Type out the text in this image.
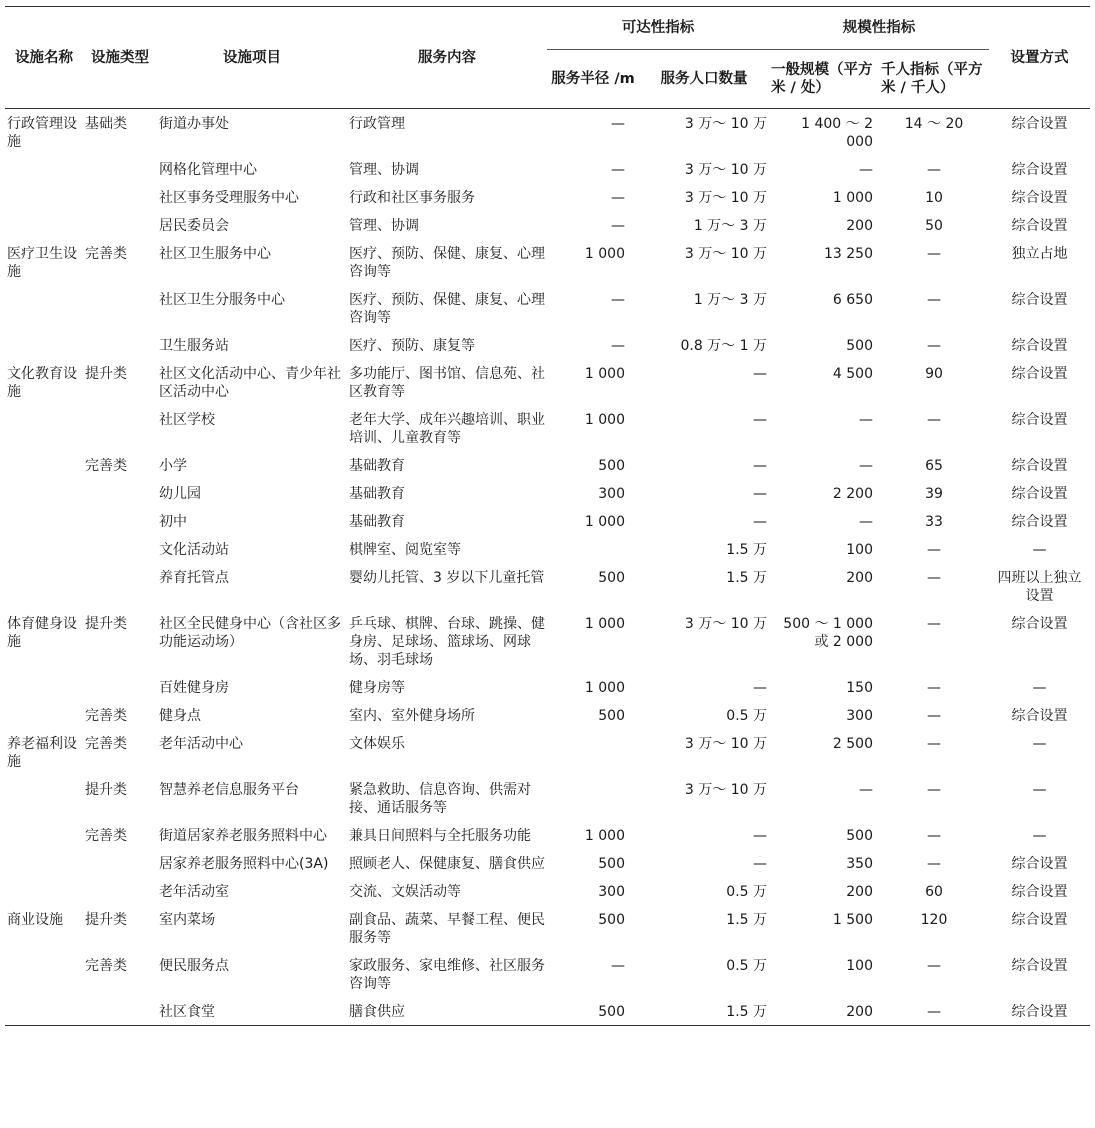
设施名称	设施类型	设施项目	服务内容	可达性指标		规模性指标		设置方式
				服务半径 /m	服务人口数量	一般规模（平方米 / 处）	千人指标（平方米 / 千人）	
行政管理设施	基础类	街道办事处	行政管理	—	3 万～ 10 万	1 400 ～ 2 000	14 ～ 20	综合设置
		网格化管理中心	管理、协调	—	3 万～ 10 万	—	—	综合设置
		社区事务受理服务中心	行政和社区事务服务	—	3 万～ 10 万	1 000	10	综合设置
		居民委员会	管理、协调	—	1 万～ 3 万	200	50	综合设置
医疗卫生设施	完善类	社区卫生服务中心	医疗、预防、保健、康复、心理咨询等	1 000	3 万～ 10 万	13 250	—	独立占地
		社区卫生分服务中心	医疗、预防、保健、康复、心理咨询等	—	1 万～ 3 万	6 650	—	综合设置
		卫生服务站	医疗、预防、康复等	—	0.8 万～ 1 万	500	—	综合设置
文化教育设施	提升类	社区文化活动中心、青少年社区活动中心	多功能厅、图书馆、信息苑、社区教育等	1 000	—	4 500	90	综合设置
		社区学校	老年大学、成年兴趣培训、职业培训、儿童教育等	1 000	—	—	—	综合设置
	完善类	小学	基础教育	500	—	—	65	综合设置
		幼儿园	基础教育	300	—	2 200	39	综合设置
		初中	基础教育	1 000	—	—	33	综合设置
		文化活动站	棋牌室、阅览室等		1.5 万	100	—	—
		养育托管点	婴幼儿托管、3 岁以下儿童托管	500	1.5 万	200	—	四班以上独立设置
体育健身设施	提升类	社区全民健身中心（含社区多功能运动场）	乒乓球、棋牌、台球、跳操、健身房、足球场、篮球场、网球场、羽毛球场	1 000	3 万～ 10 万	500 ～ 1 000 或 2 000	—	综合设置
		百姓健身房	健身房等	1 000	—	150	—	—
	完善类	健身点	室内、室外健身场所	500	0.5 万	300	—	综合设置
养老福利设施	完善类	老年活动中心	文体娱乐		3 万～ 10 万	2 500	—	—
	提升类	智慧养老信息服务平台	紧急救助、信息咨询、供需对接、通话服务等		3 万～ 10 万	—	—	—
	完善类	街道居家养老服务照料中心	兼具日间照料与全托服务功能	1 000	—	500	—	—
		居家养老服务照料中心(3A)	照顾老人、保健康复、膳食供应	500	—	350	—	综合设置
		老年活动室	交流、文娱活动等	300	0.5 万	200	60	综合设置
商业设施	提升类	室内菜场	副食品、蔬菜、早餐工程、便民服务等	500	1.5 万	1 500	120	综合设置
	完善类	便民服务点	家政服务、家电维修、社区服务咨询等	—	0.5 万	100	—	综合设置
		社区食堂	膳食供应	500	1.5 万	200	—	综合设置
